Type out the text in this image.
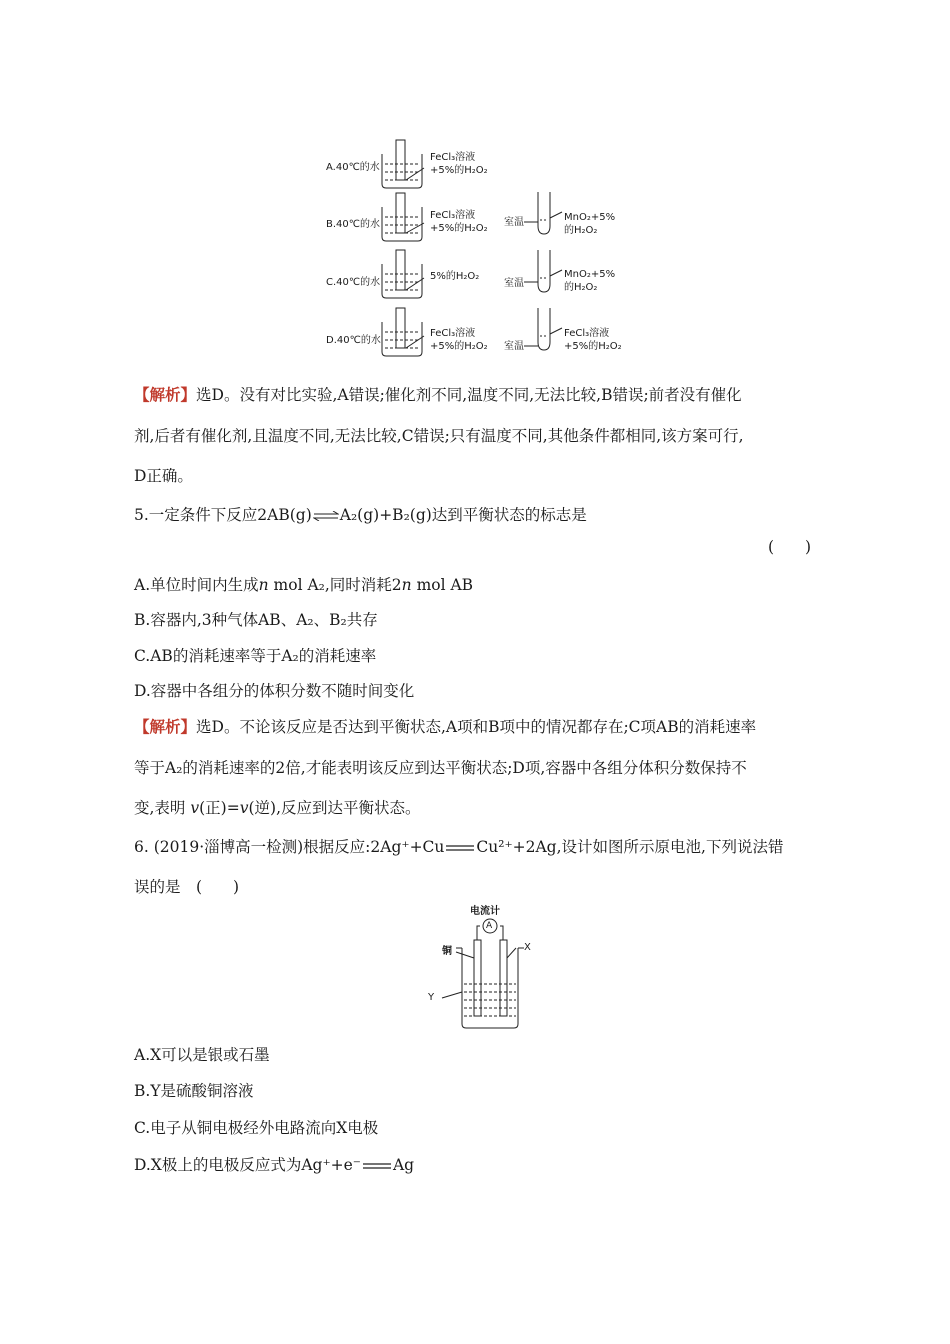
A.40℃的水
FeCl₃溶液
+5%的H₂O₂
B.40℃的水
FeCl₃溶液
+5%的H₂O₂
室温	MnO₂+5%
的H₂O₂
C.40℃的水
5%的H₂O₂
室温
MnO₂+5%
的H₂O₂
D.40℃的水
FeCl₃溶液
+5%的H₂O₂ 室温
FeCl₃溶液
+5%的H₂O₂
【解析】选D。没有对比实验,A错误;催化剂不同,温度不同,无法比较,B错误;前者没有催化
剂,后者有催化剂,且温度不同,无法比较,C错误;只有温度不同,其他条件都相同,该方案可行,
D正确。
5.一定条件下反应2AB(g)⇌A₂(g)+B₂(g)达到平衡状态的标志是
(　　)
A.单位时间内生成n mol A₂,同时消耗2n mol AB
B.容器内,3种气体AB、A₂、B₂共存
C.AB的消耗速率等于A₂的消耗速率
D.容器中各组分的体积分数不随时间变化
【解析】选D。不论该反应是否达到平衡状态,A项和B项中的情况都存在;C项AB的消耗速率
等于A₂的消耗速率的2倍,才能表明该反应到达平衡状态;D项,容器中各组分体积分数保持不
变,表明 v(正)=v(逆),反应到达平衡状态。
6. (2019·淄博高一检测)根据反应:2Ag⁺+Cu Cu²⁺+2Ag,设计如图所示原电池,下列说法错
误的是　(　　)
电流计
A
铜	X
Y
A.X可以是银或石墨
B.Y是硫酸铜溶液
C.电子从铜电极经外电路流向X电极
D.X极上的电极反应式为Ag⁺+e⁻ Ag
